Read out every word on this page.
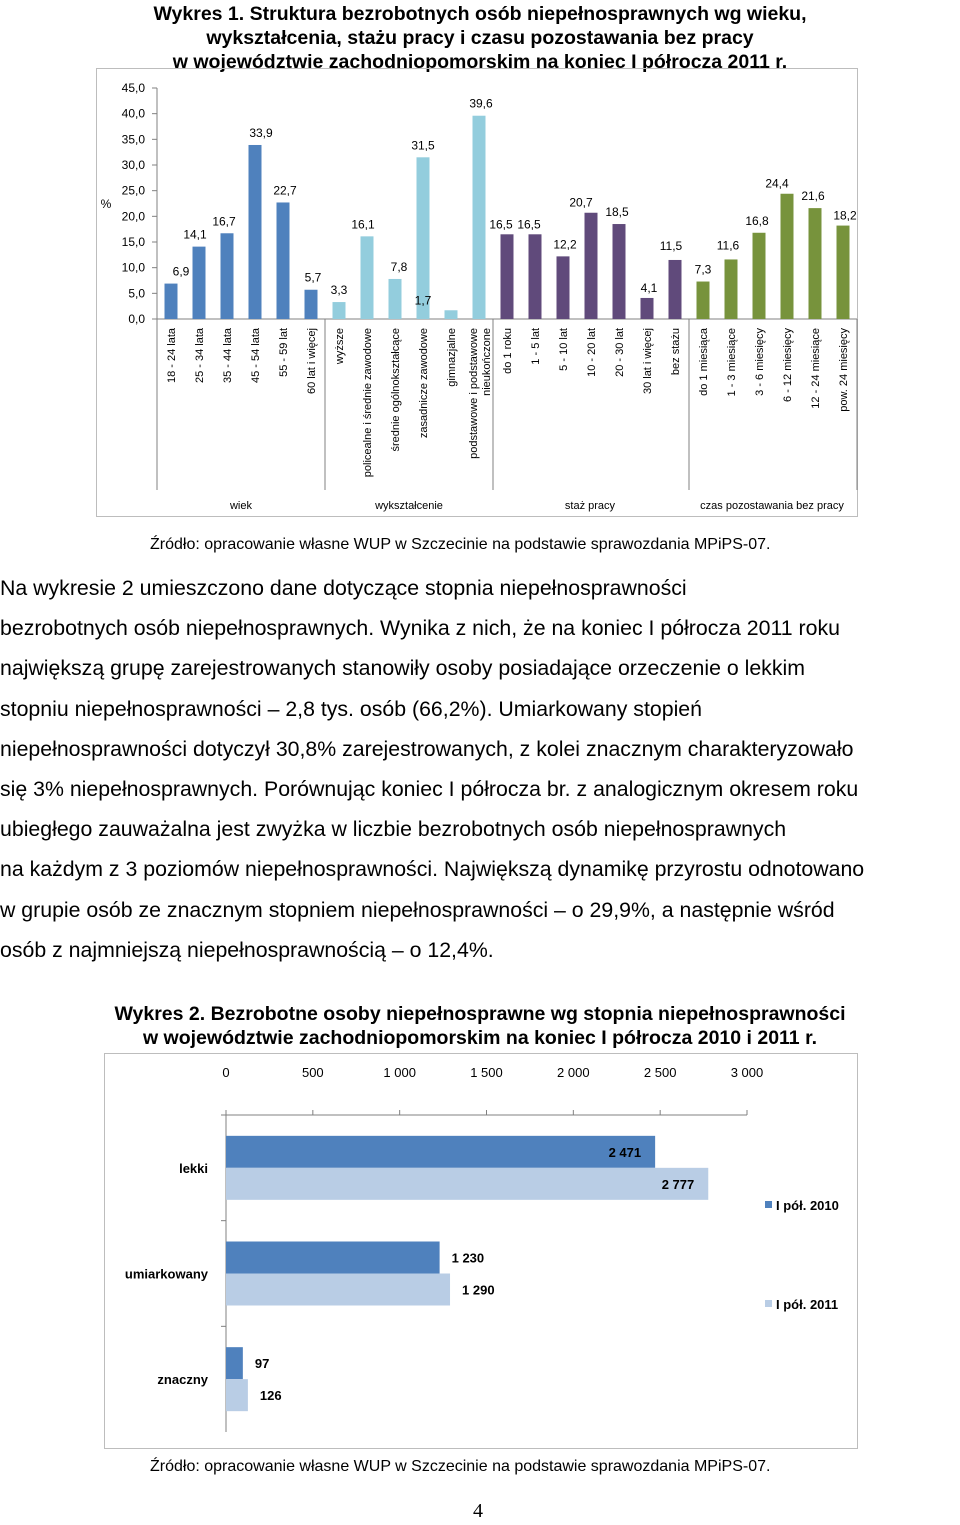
Wykres 1. Struktura bezrobotnych osób niepełnosprawnych wg wieku,
wykształcenia, stażu pracy i czasu pozostawania bez pracy
w województwie zachodniopomorskim na koniec I półrocza 2011 r.
0,0
5,0
10,0
15,0
20,0
25,0
30,0
35,0
40,0
45,0
%
6,9
18 - 24 lata
14,1
25 - 34 lata
16,7
35 - 44 lata
33,9
45 - 54 lata
22,7
55 - 59 lat
5,7
60 lat i więcej
3,3
wyższe
16,1
policealne i średnie zawodowe
7,8
średnie ogólnokształcące
31,5
zasadnicze zawodowe
1,7
gimnazjalne
39,6
podstawowe i podstawowenieukończone
16,5
do 1 roku
16,5
1 - 5 lat
12,2
5 - 10 lat
20,7
10 - 20 lat
18,5
20 - 30 lat
4,1
30 lat i więcej
11,5
bez stażu
7,3
do 1 miesiąca
11,6
1 - 3 miesiące
16,8
3 - 6 miesięcy
24,4
6 - 12 miesięcy
21,6
12 - 24 miesiące
18,2
pow. 24 miesięcy
wiek	wykształcenie	staż pracy	czas pozostawania bez pracy
Źródło: opracowanie własne WUP w Szczecinie na podstawie sprawozdania MPiPS-07.
Na wykresie 2 umieszczono dane dotyczące stopnia niepełnosprawności
bezrobotnych osób niepełnosprawnych. Wynika z nich, że na koniec I półrocza 2011 roku
największą grupę zarejestrowanych stanowiły osoby posiadające orzeczenie o lekkim
stopniu niepełnosprawności – 2,8 tys. osób (66,2%). Umiarkowany stopień
niepełnosprawności dotyczył 30,8% zarejestrowanych, z kolei znacznym charakteryzowało
się 3% niepełnosprawnych. Porównując koniec I półrocza br. z analogicznym okresem roku
ubiegłego zauważalna jest zwyżka w liczbie bezrobotnych osób niepełnosprawnych
na każdym z 3 poziomów niepełnosprawności. Największą dynamikę przyrostu odnotowano
w grupie osób ze znacznym stopniem niepełnosprawności – o 29,9%, a następnie wśród
osób z najmniejszą niepełnosprawnością – o 12,4%.
Wykres 2. Bezrobotne osoby niepełnosprawne wg stopnia niepełnosprawności
w województwie zachodniopomorskim na koniec I półrocza 2010 i 2011 r.
0	500	1 000	1 500	2 000	2 500	3 000
lekki
2 471
2 777
umiarkowany
1 230
1 290
znaczny
97
126
I pół. 2010
I pół. 2011
Źródło: opracowanie własne WUP w Szczecinie na podstawie sprawozdania MPiPS-07.
4
